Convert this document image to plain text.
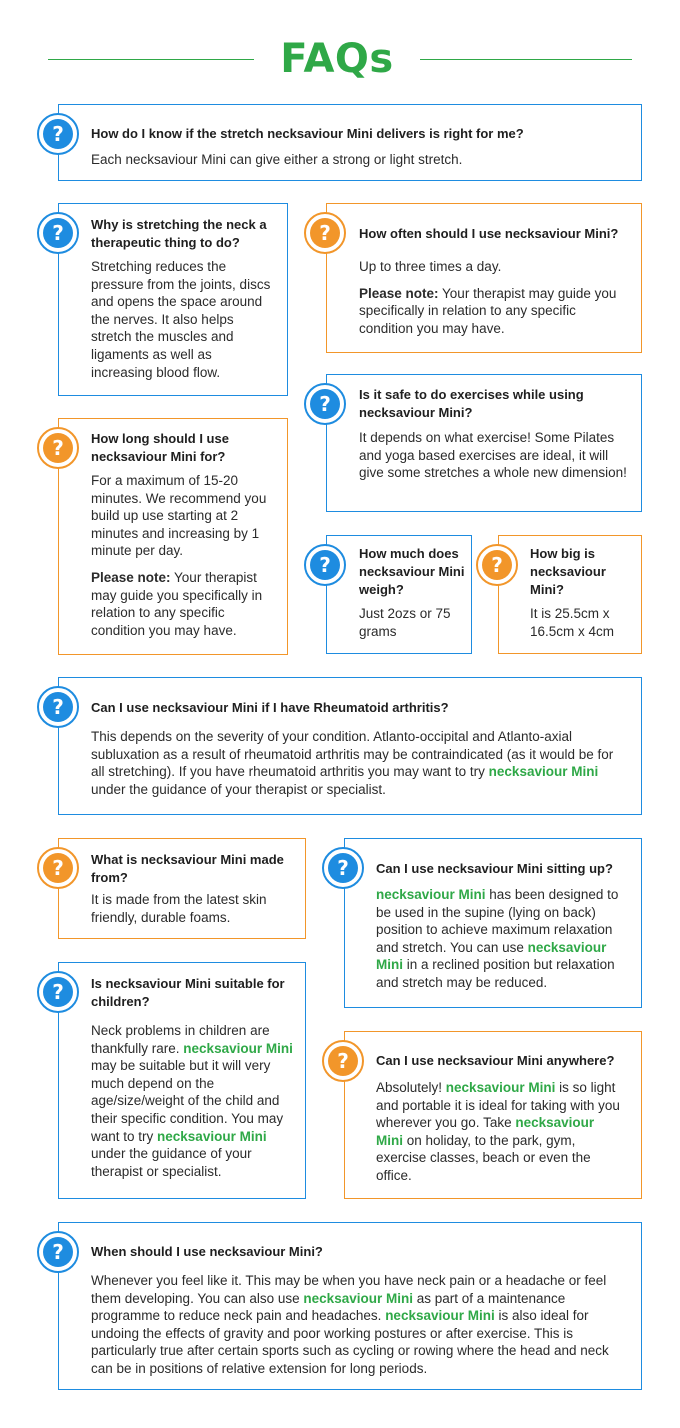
FAQs
?	How do I know if the stretch necksaviour Mini delivers is right for me?
Each necksaviour Mini can give either a strong or light stretch.
?	Why is stretching the neck a therapeutic thing to do?
Stretching reduces the pressure from the joints, discs and opens the space around the nerves. It also helps stretch the muscles and ligaments as well as increasing blood flow.
?	How often should I use necksaviour Mini?

Up to three times a day.

Please note: Your therapist may guide you specifically in relation to any specific condition you may have.

?	Is it safe to do exercises while using necksaviour Mini?
It depends on what exercise! Some Pilates and yoga based exercises are ideal, it will give some stretches a whole new dimension!
?	How long should I use necksaviour Mini for?

For a maximum of 15-20 minutes. We recommend you build up use starting at 2 minutes and increasing by 1 minute per day.

Please note: Your therapist may guide you specifically in relation to any specific condition you may have.

?	How much does necksaviour Mini weigh?
Just 2ozs or 75 grams
?	How big is necksaviour Mini?
It is 25.5cm x 16.5cm x 4cm
?	Can I use necksaviour Mini if I have Rheumatoid arthritis?
This depends on the severity of your condition. Atlanto-occipital and Atlanto-axial subluxation as a result of rheumatoid arthritis may be contraindicated (as it would be for all stretching). If you have rheumatoid arthritis you may want to try necksaviour Mini under the guidance of your therapist or specialist.
?	What is necksaviour Mini made from?
It is made from the latest skin friendly, durable foams.
?	Can I use necksaviour Mini sitting up?
necksaviour Mini has been designed to be used in the supine (lying on back) position to achieve maximum relaxation and stretch. You can use necksaviour Mini in a reclined position but relaxation and stretch may be reduced.
?	Is necksaviour Mini suitable for children?
Neck problems in children are thankfully rare. necksaviour Mini may be suitable but it will very much depend on the age/size/weight of the child and their specific condition. You may want to try necksaviour Mini under the guidance of your therapist or specialist.
?	Can I use necksaviour Mini anywhere?
Absolutely! necksaviour Mini is so light and portable it is ideal for taking with you wherever you go. Take necksaviour Mini on holiday, to the park, gym, exercise classes, beach or even the office.
?	When should I use necksaviour Mini?
Whenever you feel like it. This may be when you have neck pain or a headache or feel them developing. You can also use necksaviour Mini as part of a maintenance programme to reduce neck pain and headaches. necksaviour Mini is also ideal for undoing the effects of gravity and poor working postures or after exercise. This is particularly true after certain sports such as cycling or rowing where the head and neck can be in positions of relative extension for long periods.
